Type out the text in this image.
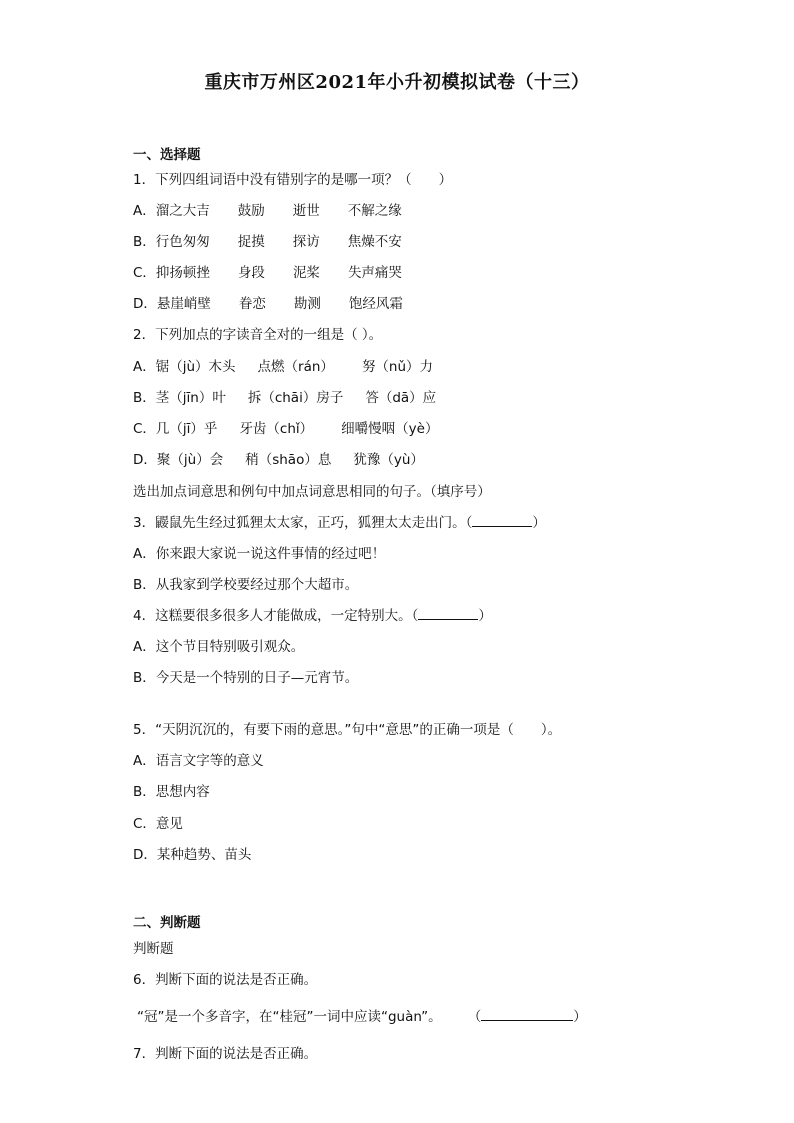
重庆市万州区2021年小升初模拟试卷（十三）
一、选择题
1．下列四组词语中没有错别字的是哪一项？（　　）
A．溜之大吉 鼓励 逝世 不解之缘
B．行色匆匆 捉摸 探访 焦燥不安
C．抑扬顿挫 身段 泥桨 失声痛哭
D．悬崖峭壁 眷恋 勘测 饱经风霜
2．下列加点的字读音全对的一组是（ ）。
A．锯（jù）木头 点燃（rán） 努（nǔ）力
B．茎（jīn）叶 拆（chāi）房子 答（dā）应
C．几（jī）乎 牙齿（chǐ） 细嚼慢咽（yè）
D．聚（jù）会 稍（shāo）息 犹豫（yù）
选出加点词意思和例句中加点词意思相同的句子。（填序号）
3．鼹鼠先生经过狐狸太太家，正巧，狐狸太太走出门。（	）
A．你来跟大家说一说这件事情的经过吧！
B．从我家到学校要经过那个大超市。
4．这糕要很多很多人才能做成，一定特别大。（	）
A．这个节目特别吸引观众。
B．今天是一个特别的日子—元宵节。
5．“天阴沉沉的，有要下雨的意思。”句中“意思”的正确一项是（　　）。
A．语言文字等的意义
B．思想内容
C．意见
D．某种趋势、苗头
二、判断题
判断题
6．判断下面的说法是否正确。
“冠”是一个多音字，在“桂冠”一词中应读“guàn”。 （	）
7．判断下面的说法是否正确。
